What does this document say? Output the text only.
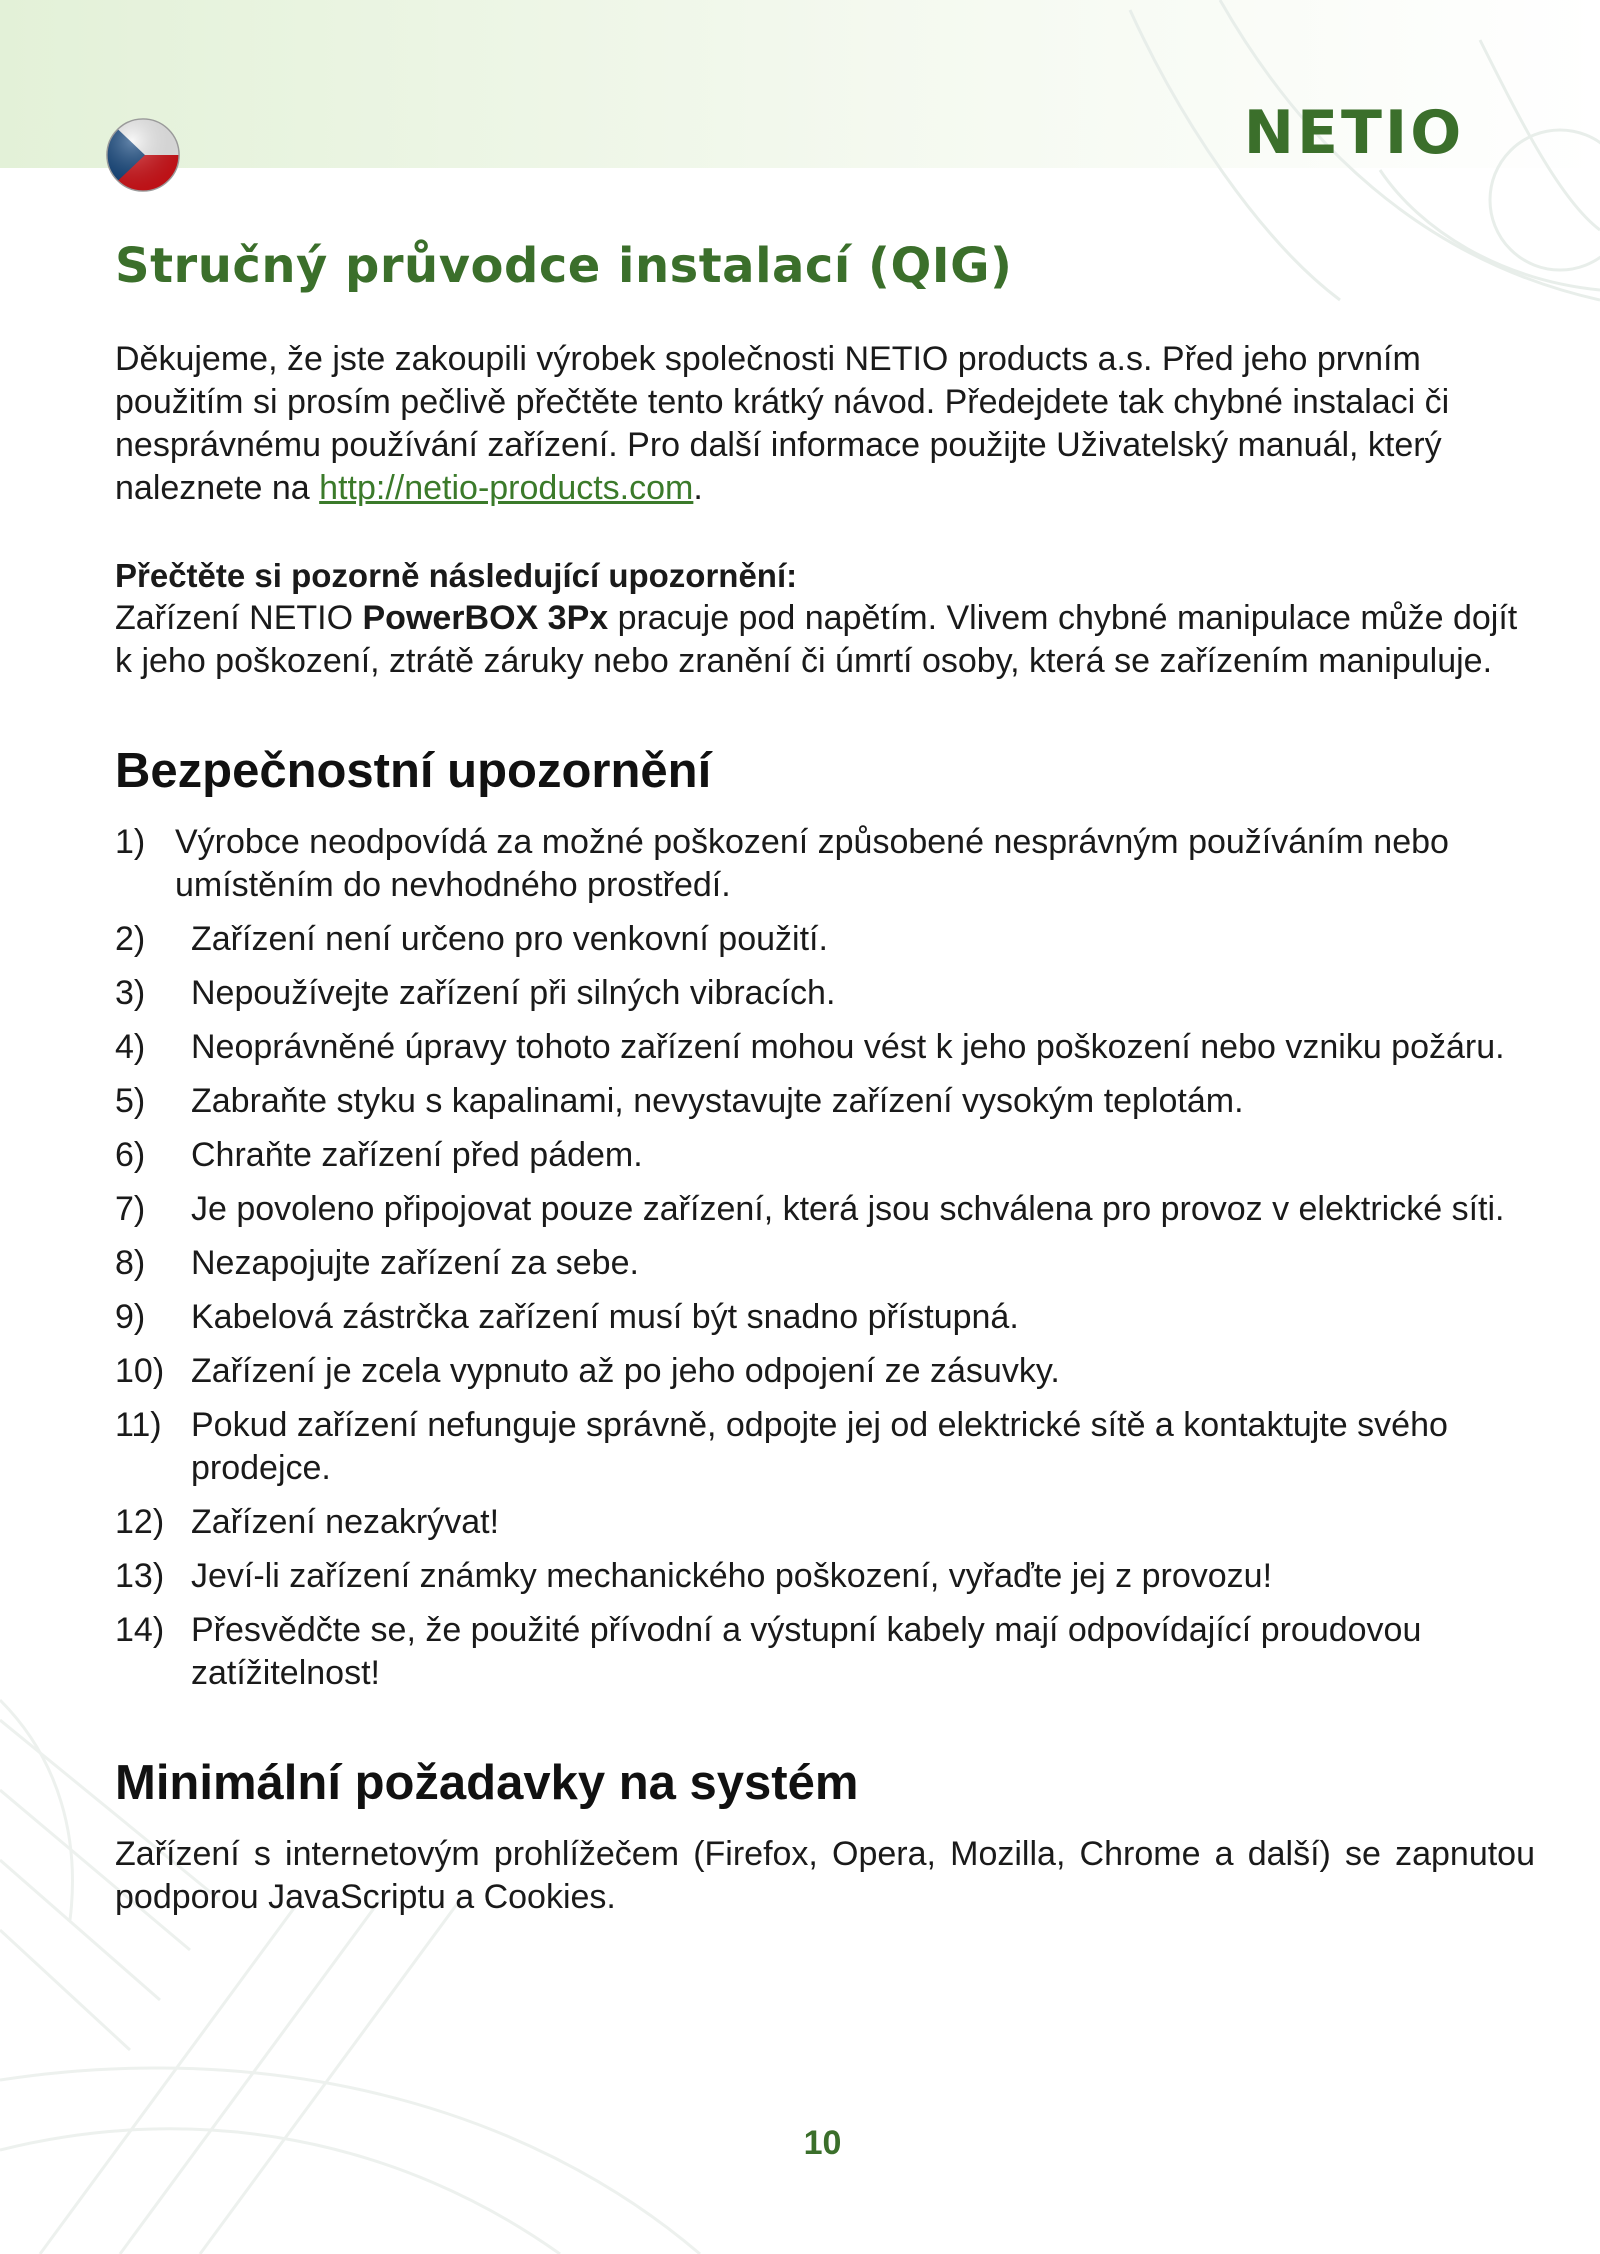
NETIO
Stručný průvodce instalací (QIG)

Děkujeme, že jste zakoupili výrobek společnosti NETIO products a.s. Před jeho prvním použitím si prosím pečlivě přečtěte tento krátký návod. Předejdete tak chybné instalaci či nesprávnému používání zařízení. Pro další informace použijte Uživatelský manuál, který naleznete na http://netio-products.com.

Přečtěte si pozorně následující upozornění:

Zařízení NETIO PowerBOX 3Px pracuje pod napětím. Vlivem chybné manipulace může dojít k jeho poškození, ztrátě záruky nebo zranění či úmrtí osoby, která se zařízením manipuluje.

Bezpečnostní upozornění
1) Výrobce neodpovídá za možné poškození způsobené nesprávným používáním nebo umístěním do nevhodného prostředí.
2)	Zařízení není určeno pro venkovní použití.
3)	Nepoužívejte zařízení při silných vibracích.
4)	Neoprávněné úpravy tohoto zařízení mohou vést k jeho poškození nebo vzniku požáru.
5)	Zabraňte styku s kapalinami, nevystavujte zařízení vysokým teplotám.
6)	Chraňte zařízení před pádem.
7)	Je povoleno připojovat pouze zařízení, která jsou schválena pro provoz v elektrické síti.
8)	Nezapojujte zařízení za sebe.
9)	Kabelová zástrčka zařízení musí být snadno přístupná.
10) Zařízení je zcela vypnuto až po jeho odpojení ze zásuvky.
11) Pokud zařízení nefunguje správně, odpojte jej od elektrické sítě a kontaktujte svého prodejce.
12) Zařízení nezakrývat!
13) Jeví-li zařízení známky mechanického poškození, vyřaďte jej z provozu!
14) Přesvědčte se, že použité přívodní a výstupní kabely mají odpovídající proudovou zatížitelnost!
Minimální požadavky na systém

Zařízení s internetovým prohlížečem (Firefox, Opera, Mozilla, Chrome a další) se zapnutou podporou JavaScriptu a Cookies.

10
